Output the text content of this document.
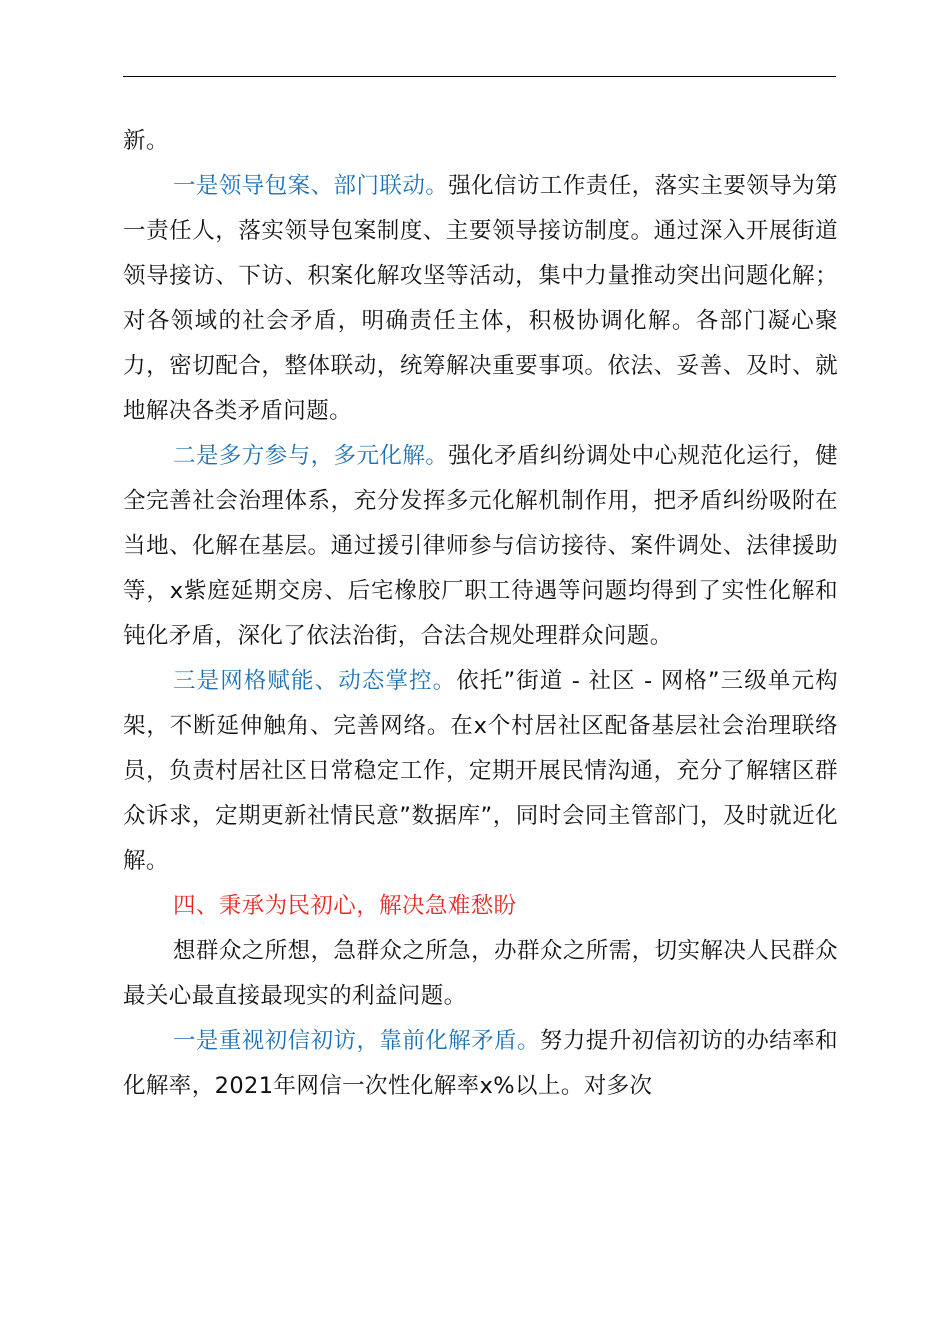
新。

一是领导包案、部门联动。强化信访工作责任，落实主要领导为第一责任人，落实领导包案制度、主要领导接访制度。通过深入开展街道领导接访、下访、积案化解攻坚等活动，集中力量推动突出问题化解；对各领域的社会矛盾，明确责任主体，积极协调化解。各部门凝心聚力，密切配合，整体联动，统筹解决重要事项。依法、妥善、及时、就地解决各类矛盾问题。

二是多方参与，多元化解。强化矛盾纠纷调处中心规范化运行，健全完善社会治理体系，充分发挥多元化解机制作用，把矛盾纠纷吸附在当地、化解在基层。通过援引律师参与信访接待、案件调处、法律援助等，x紫庭延期交房、后宅橡胶厂职工待遇等问题均得到了实性化解和钝化矛盾，深化了依法治街，合法合规处理群众问题。

三是网格赋能、动态掌控。依托”街道 - 社区 - 网格”三级单元构架，不断延伸触角、完善网络。在x个村居社区配备基层社会治理联络员，负责村居社区日常稳定工作，定期开展民情沟通，充分了解辖区群众诉求，定期更新社情民意”数据库”，同时会同主管部门，及时就近化解。

四、秉承为民初心，解决急难愁盼

想群众之所想，急群众之所急，办群众之所需，切实解决人民群众最关心最直接最现实的利益问题。

一是重视初信初访，靠前化解矛盾。努力提升初信初访的办结率和化解率，2021年网信一次性化解率x%以上。对多次
